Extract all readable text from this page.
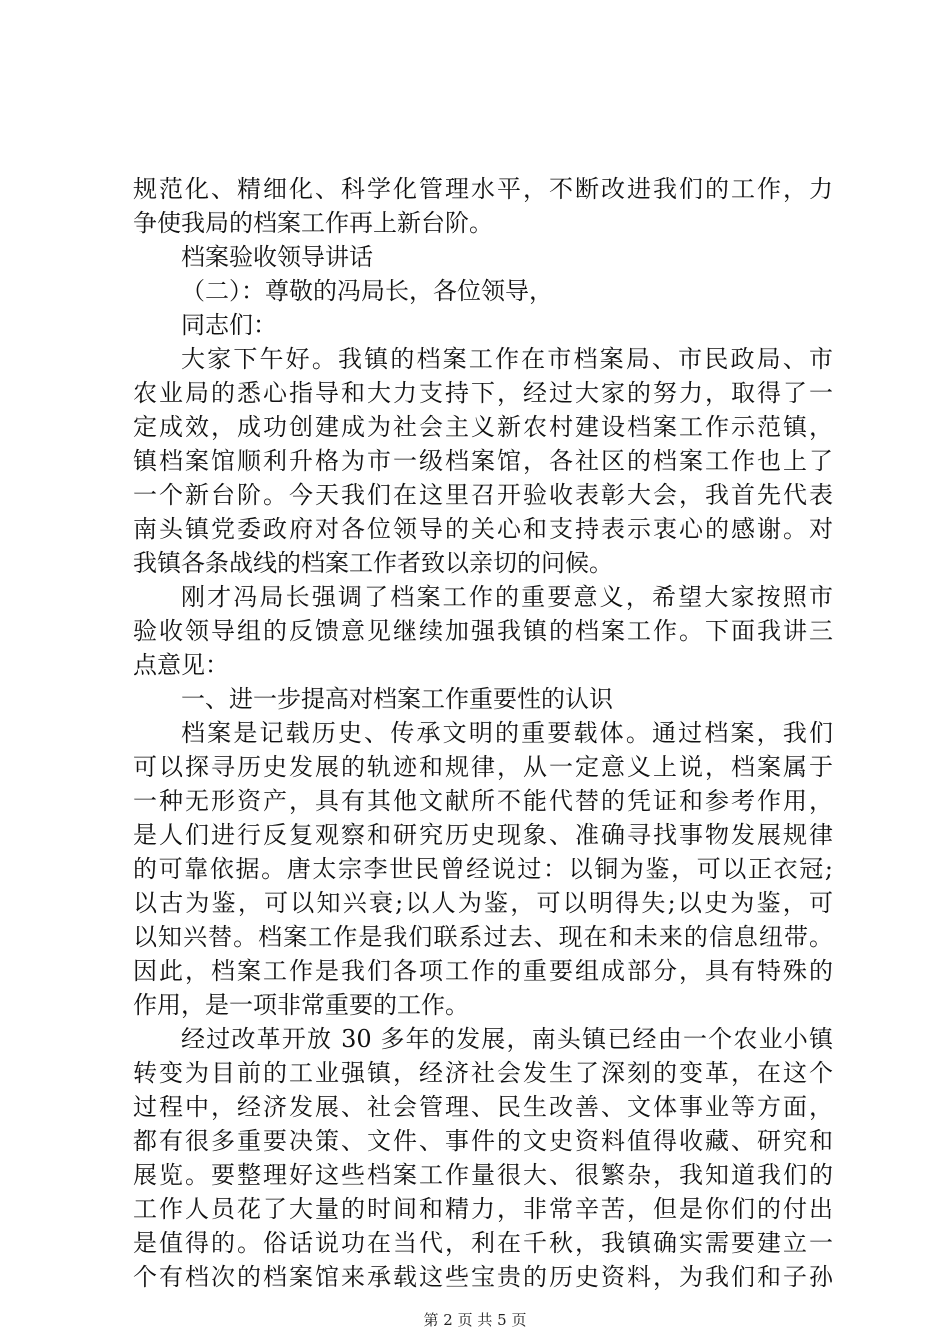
规范化、精细化、科学化管理水平，不断改进我们的工作，力
争使我局的档案工作再上新台阶。
档案验收领导讲话
（二）：尊敬的冯局长，各位领导，
同志们：
大家下午好。我镇的档案工作在市档案局、市民政局、市
农业局的悉心指导和大力支持下，经过大家的努力，取得了一
定成效，成功创建成为社会主义新农村建设档案工作示范镇，
镇档案馆顺利升格为市一级档案馆，各社区的档案工作也上了
一个新台阶。今天我们在这里召开验收表彰大会，我首先代表
南头镇党委政府对各位领导的关心和支持表示衷心的感谢。对
我镇各条战线的档案工作者致以亲切的问候。
刚才冯局长强调了档案工作的重要意义，希望大家按照市
验收领导组的反馈意见继续加强我镇的档案工作。下面我讲三
点意见：
一、进一步提高对档案工作重要性的认识
档案是记载历史、传承文明的重要载体。通过档案，我们
可以探寻历史发展的轨迹和规律，从一定意义上说，档案属于
一种无形资产，具有其他文献所不能代替的凭证和参考作用，
是人们进行反复观察和研究历史现象、准确寻找事物发展规律
的可靠依据。唐太宗李世民曾经说过：以铜为鉴，可以正衣冠;
以古为鉴，可以知兴衰;以人为鉴，可以明得失;以史为鉴，可
以知兴替。档案工作是我们联系过去、现在和未来的信息纽带。
因此，档案工作是我们各项工作的重要组成部分，具有特殊的
作用，是一项非常重要的工作。
经过改革开放 30 多年的发展，南头镇已经由一个农业小镇
转变为目前的工业强镇，经济社会发生了深刻的变革，在这个
过程中，经济发展、社会管理、民生改善、文体事业等方面，
都有很多重要决策、文件、事件的文史资料值得收藏、研究和
展览。要整理好这些档案工作量很大、很繁杂，我知道我们的
工作人员花了大量的时间和精力，非常辛苦，但是你们的付出
是值得的。俗话说功在当代，利在千秋，我镇确实需要建立一
个有档次的档案馆来承载这些宝贵的历史资料，为我们和子孙
第 2 页 共 5 页
